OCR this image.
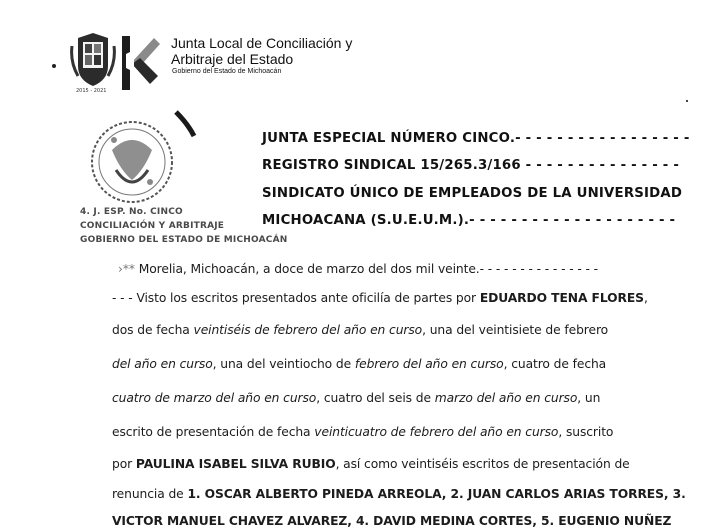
2015 - 2021
Junta Local de Conciliación y
Arbitraje del Estado
Gobierno del Estado de Michoacán
4. J. ESP. No. CINCO
CONCILIACIÓN Y ARBITRAJE
GOBIERNO DEL ESTADO DE MICHOACÁN
JUNTA ESPECIAL NÚMERO CINCO.- - - - - - - - - - - - - - - - -
REGISTRO SINDICAL 15/265.3/166 - - - - - - - - - - - - - - -
SINDICATO ÚNICO DE EMPLEADOS DE LA UNIVERSIDAD
MICHOACANA (S.U.E.U.M.).- - - - - - - - - - - - - - - - - - - -
›** Morelia, Michoacán, a doce de marzo del dos mil veinte.- - - - - - - - - - - - - - -
- - - Visto los escritos presentados ante oficilía de partes por EDUARDO TENA FLORES,
dos de fecha veintiséis de febrero del año en curso, una del veintisiete de febrero
del año en curso, una del veintiocho de febrero del año en curso, cuatro de fecha
cuatro de marzo del año en curso, cuatro del seis de marzo del año en curso, un
escrito de presentación de fecha veinticuatro de febrero del año en curso, suscrito
por PAULINA ISABEL SILVA RUBIO, así como veintiséis escritos de presentación de
renuncia de 1. OSCAR ALBERTO PINEDA ARREOLA, 2. JUAN CARLOS ARIAS TORRES, 3.
VICTOR MANUEL CHAVEZ ALVAREZ, 4. DAVID MEDINA CORTES, 5. EUGENIO NUÑEZ
